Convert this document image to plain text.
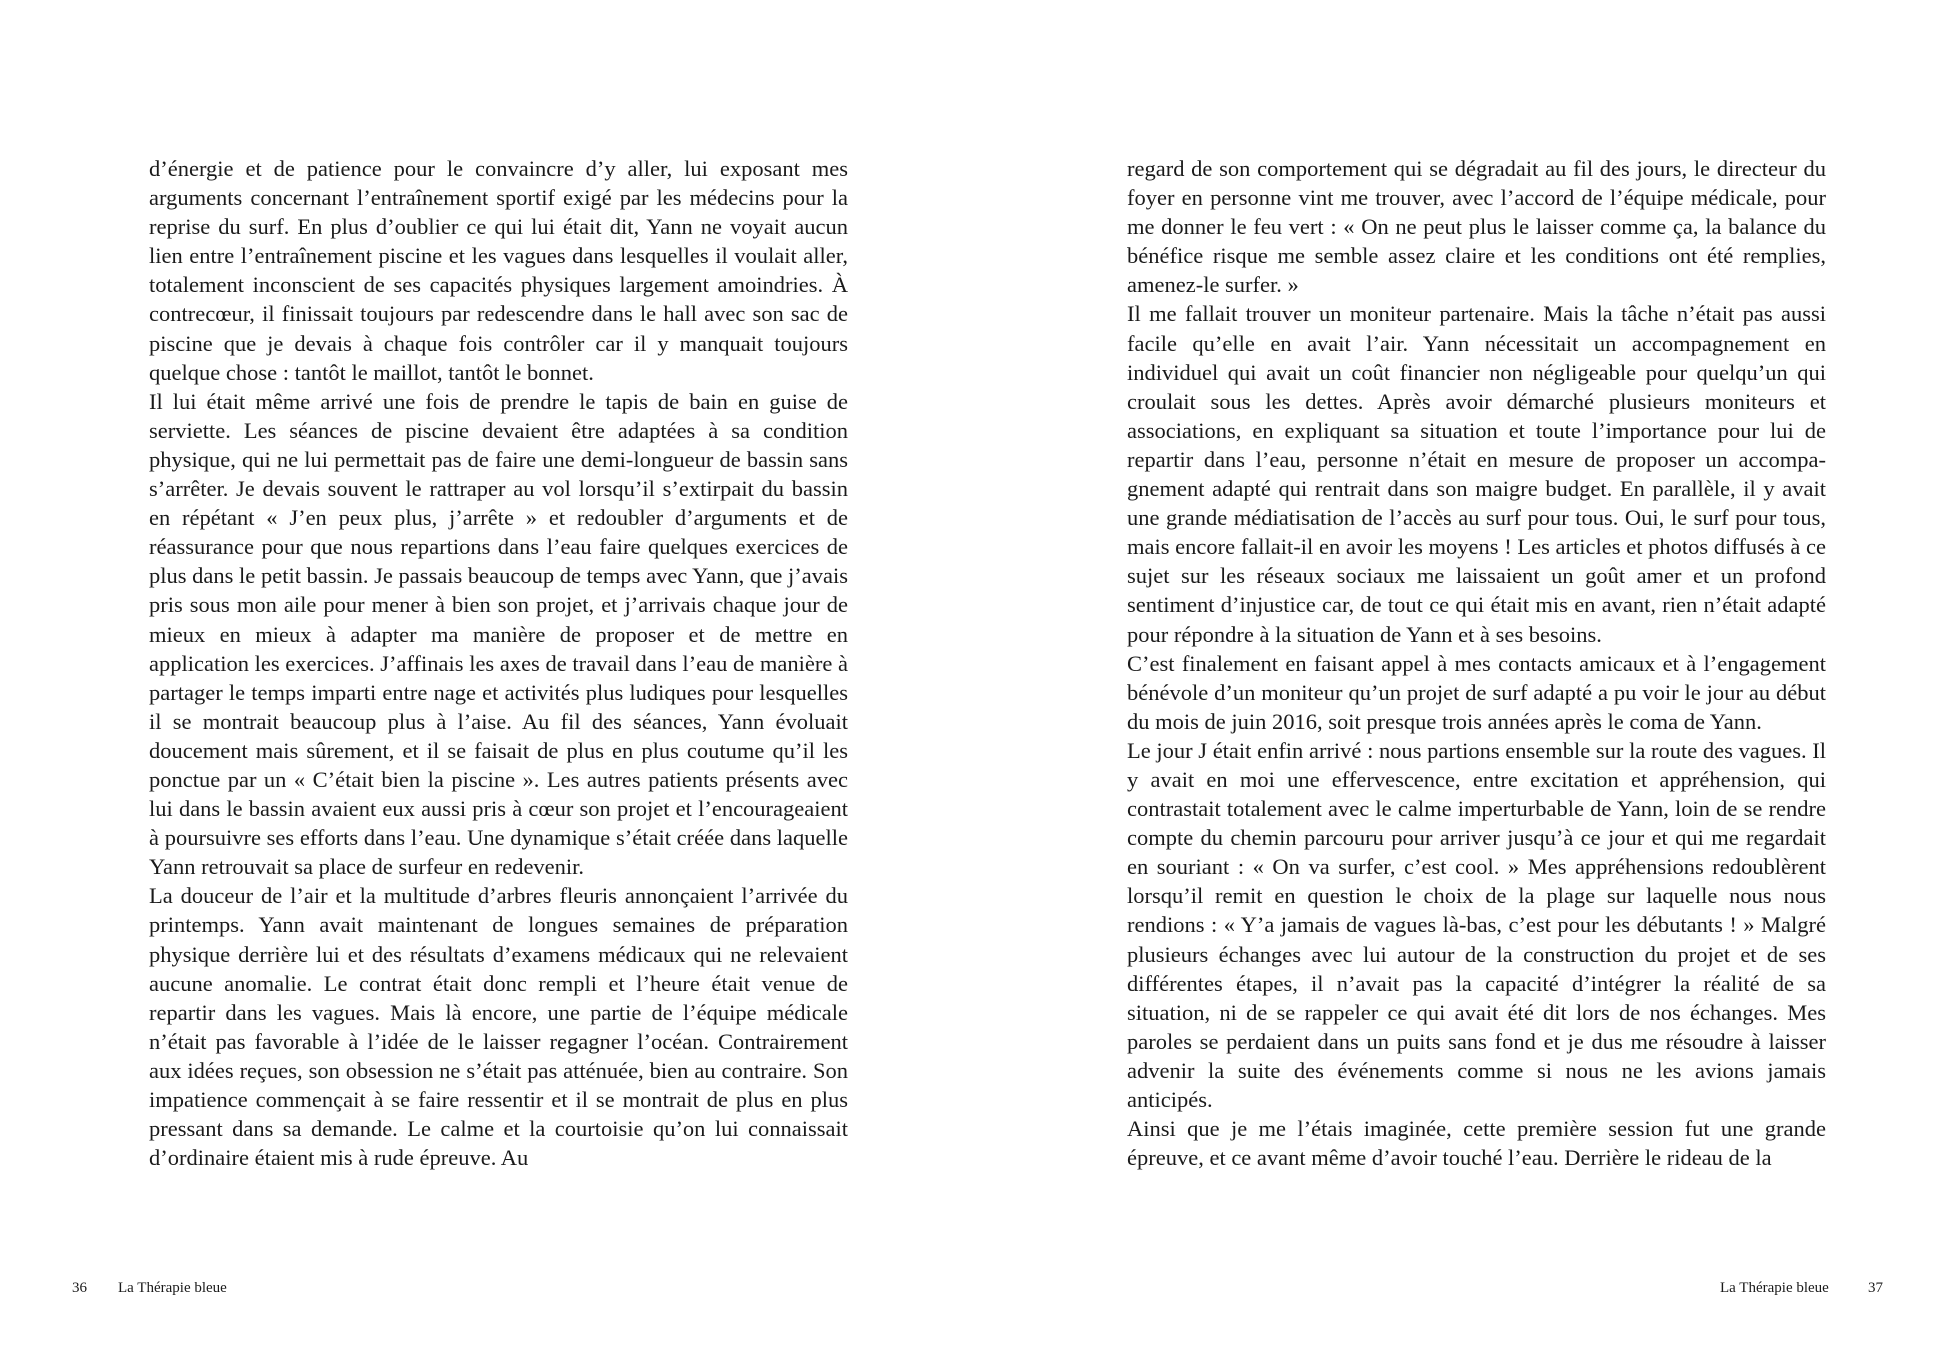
d’énergie et de patience pour le convaincre d’y aller, lui exposant mes arguments concernant l’entraînement sportif exigé par les médecins pour la reprise du surf. En plus d’oublier ce qui lui était dit, Yann ne voyait aucun lien entre l’entraînement piscine et les vagues dans lesquelles il voulait aller, totalement inconscient de ses capacités physiques largement amoindries. À contrecœur, il finissait toujours par redescendre dans le hall avec son sac de piscine que je devais à chaque fois contrôler car il y manquait toujours quelque chose : tantôt le maillot, tantôt le bonnet.

Il lui était même arrivé une fois de prendre le tapis de bain en guise de serviette. Les séances de piscine devaient être adaptées à sa condition physique, qui ne lui permettait pas de faire une demi-longueur de bassin sans s’arrêter. Je devais souvent le rattraper au vol lorsqu’il s’extirpait du bassin en répétant « J’en peux plus, j’arrête » et redoubler d’arguments et de réassurance pour que nous repartions dans l’eau faire quelques exercices de plus dans le petit bassin. Je passais beaucoup de temps avec Yann, que j’avais pris sous mon aile pour mener à bien son projet, et j’arrivais chaque jour de mieux en mieux à adapter ma manière de proposer et de mettre en application les exercices. J’affinais les axes de travail dans l’eau de manière à partager le temps imparti entre nage et activités plus ludiques pour lesquelles il se montrait beaucoup plus à l’aise. Au fil des séances, Yann évoluait doucement mais sûrement, et il se faisait de plus en plus coutume qu’il les ponctue par un « C’était bien la piscine ». Les autres patients présents avec lui dans le bassin avaient eux aussi pris à cœur son projet et l’encourageaient à poursuivre ses efforts dans l’eau. Une dynamique s’était créée dans laquelle Yann retrouvait sa place de surfeur en redevenir.

La douceur de l’air et la multitude d’arbres fleuris annonçaient l’arrivée du printemps. Yann avait maintenant de longues semaines de préparation physique derrière lui et des résultats d’examens médicaux qui ne relevaient aucune anomalie. Le contrat était donc rempli et l’heure était venue de repartir dans les vagues. Mais là encore, une partie de l’équipe médicale n’était pas favorable à l’idée de le laisser regagner l’océan. Contrairement aux idées reçues, son obsession ne s’était pas atténuée, bien au contraire. Son impatience commençait à se faire ressentir et il se montrait de plus en plus pressant dans sa demande. Le calme et la courtoisie qu’on lui connaissait d’ordinaire étaient mis à rude épreuve. Au

36 La Thérapie bleue

regard de son comportement qui se dégradait au fil des jours, le directeur du foyer en personne vint me trouver, avec l’accord de l’équipe médicale, pour me donner le feu vert : « On ne peut plus le laisser comme ça, la balance du bénéfice risque me semble assez claire et les conditions ont été remplies, amenez-le surfer. »

Il me fallait trouver un moniteur partenaire. Mais la tâche n’était pas aussi facile qu’elle en avait l’air. Yann nécessitait un accompagnement en individuel qui avait un coût financier non négligeable pour quelqu’un qui croulait sous les dettes. Après avoir démarché plusieurs moniteurs et associations, en expliquant sa situation et toute l’importance pour lui de repartir dans l’eau, personne n’était en mesure de proposer un accompagnement adapté qui rentrait dans son maigre budget. En parallèle, il y avait une grande médiatisation de l’accès au surf pour tous. Oui, le surf pour tous, mais encore fallait-il en avoir les moyens ! Les articles et photos diffusés à ce sujet sur les réseaux sociaux me laissaient un goût amer et un profond sentiment d’injustice car, de tout ce qui était mis en avant, rien n’était adapté pour répondre à la situation de Yann et à ses besoins.

C’est finalement en faisant appel à mes contacts amicaux et à l’engagement bénévole d’un moniteur qu’un projet de surf adapté a pu voir le jour au début du mois de juin 2016, soit presque trois années après le coma de Yann.

Le jour J était enfin arrivé : nous partions ensemble sur la route des vagues. Il y avait en moi une effervescence, entre excitation et appréhension, qui contrastait totalement avec le calme imperturbable de Yann, loin de se rendre compte du chemin parcouru pour arriver jusqu’à ce jour et qui me regardait en souriant : « On va surfer, c’est cool. » Mes appréhensions redoublèrent lorsqu’il remit en question le choix de la plage sur laquelle nous nous rendions : « Y’a jamais de vagues là-bas, c’est pour les débutants ! » Malgré plusieurs échanges avec lui autour de la construction du projet et de ses différentes étapes, il n’avait pas la capacité d’intégrer la réalité de sa situation, ni de se rappeler ce qui avait été dit lors de nos échanges. Mes paroles se perdaient dans un puits sans fond et je dus me résoudre à laisser advenir la suite des événements comme si nous ne les avions jamais anticipés.

Ainsi que je me l’étais imaginée, cette première session fut une grande épreuve, et ce avant même d’avoir touché l’eau. Derrière le rideau de la

La Thérapie bleue	37
